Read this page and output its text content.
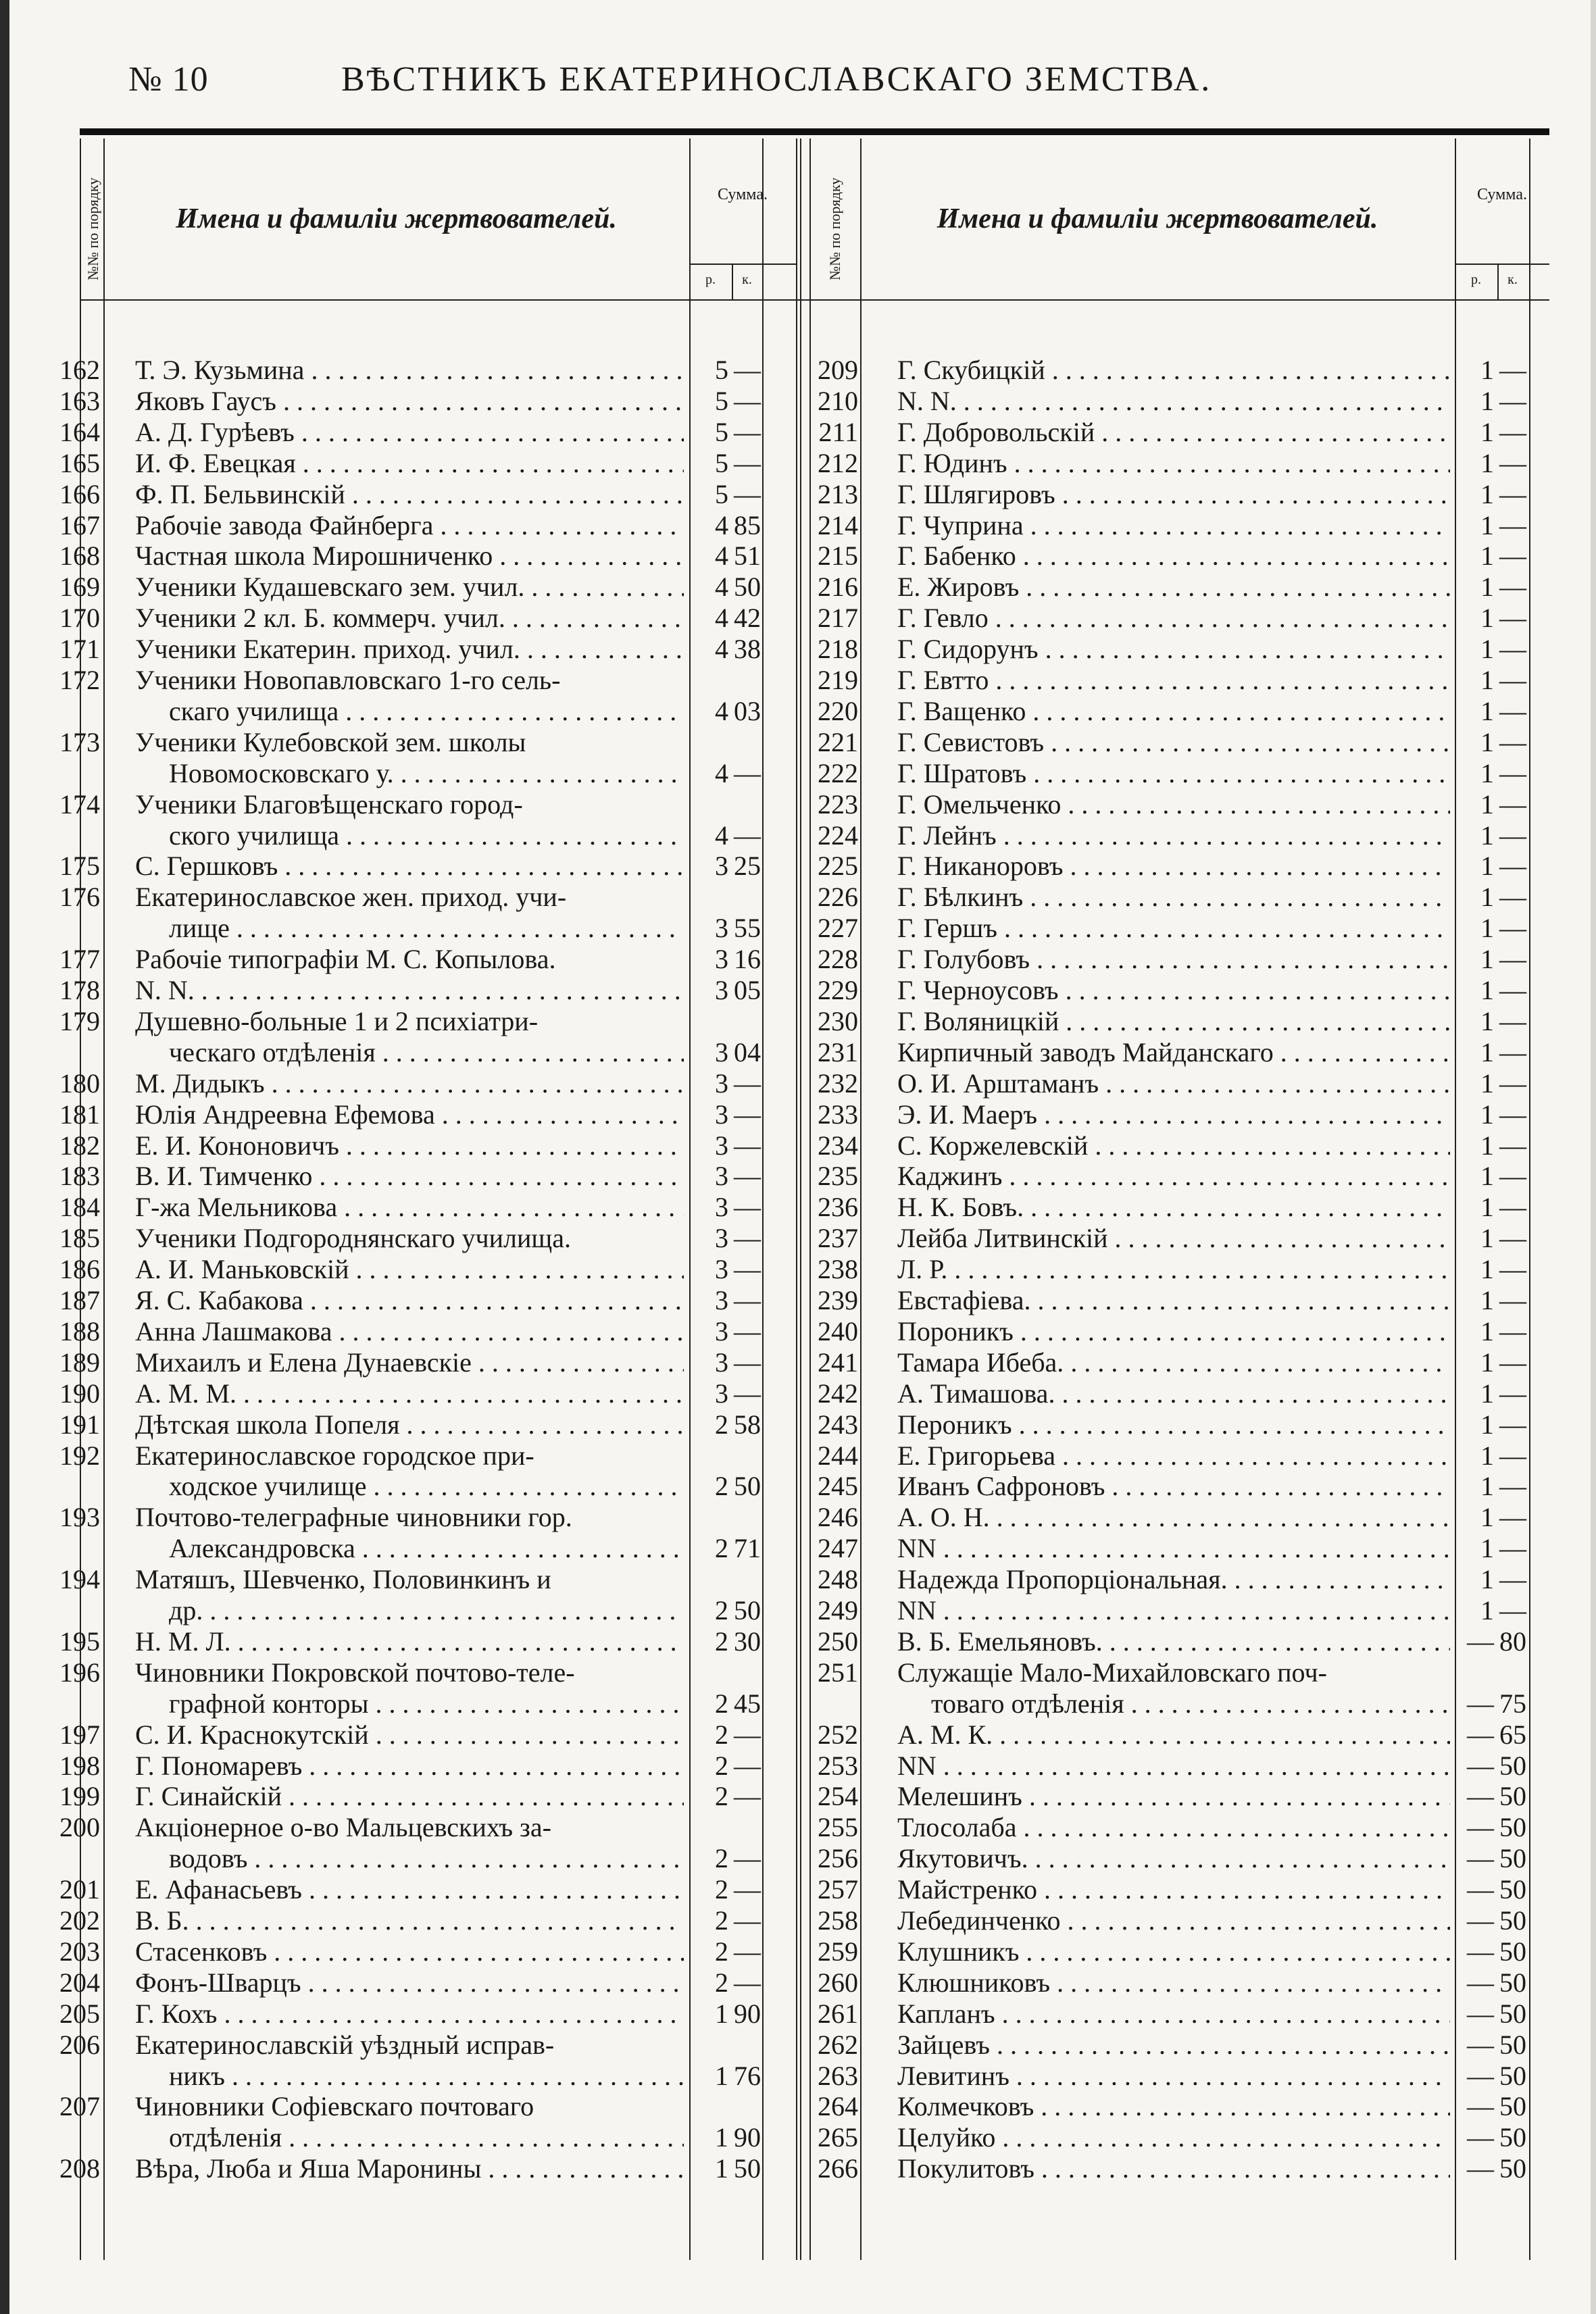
№ 10	ВѢСТНИКЪ ЕКАТЕРИНОСЛАВСКАГО ЗЕМСТВА.
№№ по порядку	Имена и фамиліи жертвователей.
Сумма.
р.	к.	№№ по порядку	Имена и фамиліи жертвователей.
Сумма.
р.	к.
162 Т. Э. Кузьмина . . .	5 —
163 Яковъ Гаусъ . . .	5 —
164 А. Д. Гурѣевъ . . .	5 —
165 И. Ф. Евецкая . . .	5 —
166 Ф. П. Бельвинскій . . .	5 —
167 Рабочіе завода Файнберга . . .	4 85
168 Частная школа Мирошниченко . . .	4 51
169 Ученики Кудашевскаго зем. учил. . . .	4 50
170 Ученики 2 кл. Б. коммерч. учил. . . .	4 42
171 Ученики Екатерин. приход. учил. . . .	4 38
172 Ученики Новопавловскаго 1-го сель-
скаго училища . . .	4 03
173 Ученики Кулебовской зем. школы
Новомосковскаго у. . . .	4 —
174 Ученики Благовѣщенскаго город-
ского училища . . .	4 —
175 С. Гершковъ . . .	3 25
176 Екатеринославское жен. приход. учи-
лище . . .	3 55
177 Рабочіе типографіи М. С. Копылова.	3 16
178 N. N. . . .	3 05
179 Душевно-больные 1 и 2 психіатри-
ческаго отдѣленія . . .	3 04
180 М. Дидыкъ . . .	3 —
181 Юлія Андреевна Ефемова . . .	3 —
182 Е. И. Кононовичъ . . .	3 —
183 В. И. Тимченко . . .	3 —
184 Г-жа Мельникова . . .	3 —
185 Ученики Подгороднянскаго училища.	3 —
186 А. И. Маньковскій . . .	3 —
187 Я. С. Кабакова . . .	3 —
188 Анна Лашмакова . . .	3 —
189 Михаилъ и Елена Дунаевскіе . . .	3 —
190 А. М. М. . . .	3 —
191 Дѣтская школа Попеля . . .	2 58
192 Екатеринославское городское при-
ходское училище . . .	2 50
193 Почтово-телеграфные чиновники гор.
Александровска . . .	2 71
194 Матяшъ, Шевченко, Половинкинъ и
др. . . .	2 50
195 Н. М. Л. . . .	2 30
196 Чиновники Покровской почтово-теле-
графной конторы . . .	2 45
197 С. И. Краснокутскій . . .	2 —
198 Г. Пономаревъ . . .	2 —
199 Г. Синайскій . . .	2 —
200 Акціонерное о-во Мальцевскихъ за-
водовъ . . .	2 —
201 Е. Афанасьевъ . . .	2 —
202 В. Б. . . .	2 —
203 Стасенковъ . . .	2 —
204 Фонъ-Шварцъ . . .	2 —
205 Г. Кохъ . . .	1 90
206 Екатеринославскій уѣздный исправ-
никъ . . .	1 76
207 Чиновники Софіевскаго почтоваго
отдѣленія . . .	1 90
208 Вѣра, Люба и Яша Маронины . . .	1 50
209 Г. Скубицкій . . .	1 —
210 N. N. . . .	1 —
211 Г. Добровольскій . . .	1 —
212 Г. Юдинъ . . .	1 —
213 Г. Шлягировъ . . .	1 —
214 Г. Чуприна . . .	1 —
215 Г. Бабенко . . .	1 —
216 Е. Жировъ . . .	1 —
217 Г. Гевло . . .	1 —
218 Г. Сидорунъ . . .	1 —
219 Г. Евтто . . .	1 —
220 Г. Ващенко . . .	1 —
221 Г. Севистовъ . . .	1 —
222 Г. Шратовъ . . .	1 —
223 Г. Омельченко . . .	1 —
224 Г. Лейнъ . . .	1 —
225 Г. Никаноровъ . . .	1 —
226 Г. Бѣлкинъ . . .	1 —
227 Г. Гершъ . . .	1 —
228 Г. Голубовъ . . .	1 —
229 Г. Черноусовъ . . .	1 —
230 Г. Воляницкій . . .	1 —
231 Кирпичный заводъ Майданскаго . . .	1 —
232 О. И. Арштаманъ . . .	1 —
233 Э. И. Маеръ . . .	1 —
234 С. Коржелевскій . . .	1 —
235 Каджинъ . . .	1 —
236 Н. К. Бовъ. . . .	1 —
237 Лейба Литвинскій . . .	1 —
238 Л. Р. . . .	1 —
239 Евстафіева. . . .	1 —
240 Пороникъ . . .	1 —
241 Тамара Ибеба. . . .	1 —
242 А. Тимашова. . . .	1 —
243 Пероникъ . . .	1 —
244 Е. Григорьева . . .	1 —
245 Иванъ Сафроновъ . . .	1 —
246 А. О. Н. . . .	1 —
247 NN . . .	1 —
248 Надежда Пропорціональная. . . .	1 —
249 NN . . .	1 —
250 В. Б. Емельяновъ. . . .	— 80
251 Служащіе Мало-Михайловскаго поч-
товаго отдѣленія . . .	— 75
252 А. М. К. . . .	— 65
253 NN . . .	— 50
254 Мелешинъ . . .	— 50
255 Тлосолаба . . .	— 50
256 Якутовичъ. . . .	— 50
257 Майстренко . . .	— 50
258 Лебединченко . . .	— 50
259 Клушникъ . . .	— 50
260 Клюшниковъ . . .	— 50
261 Капланъ . . .	— 50
262 Зайцевъ . . .	— 50
263 Левитинъ . . .	— 50
264 Колмечковъ . . .	— 50
265 Целуйко . . .	— 50
266 Покулитовъ . . .	— 50
